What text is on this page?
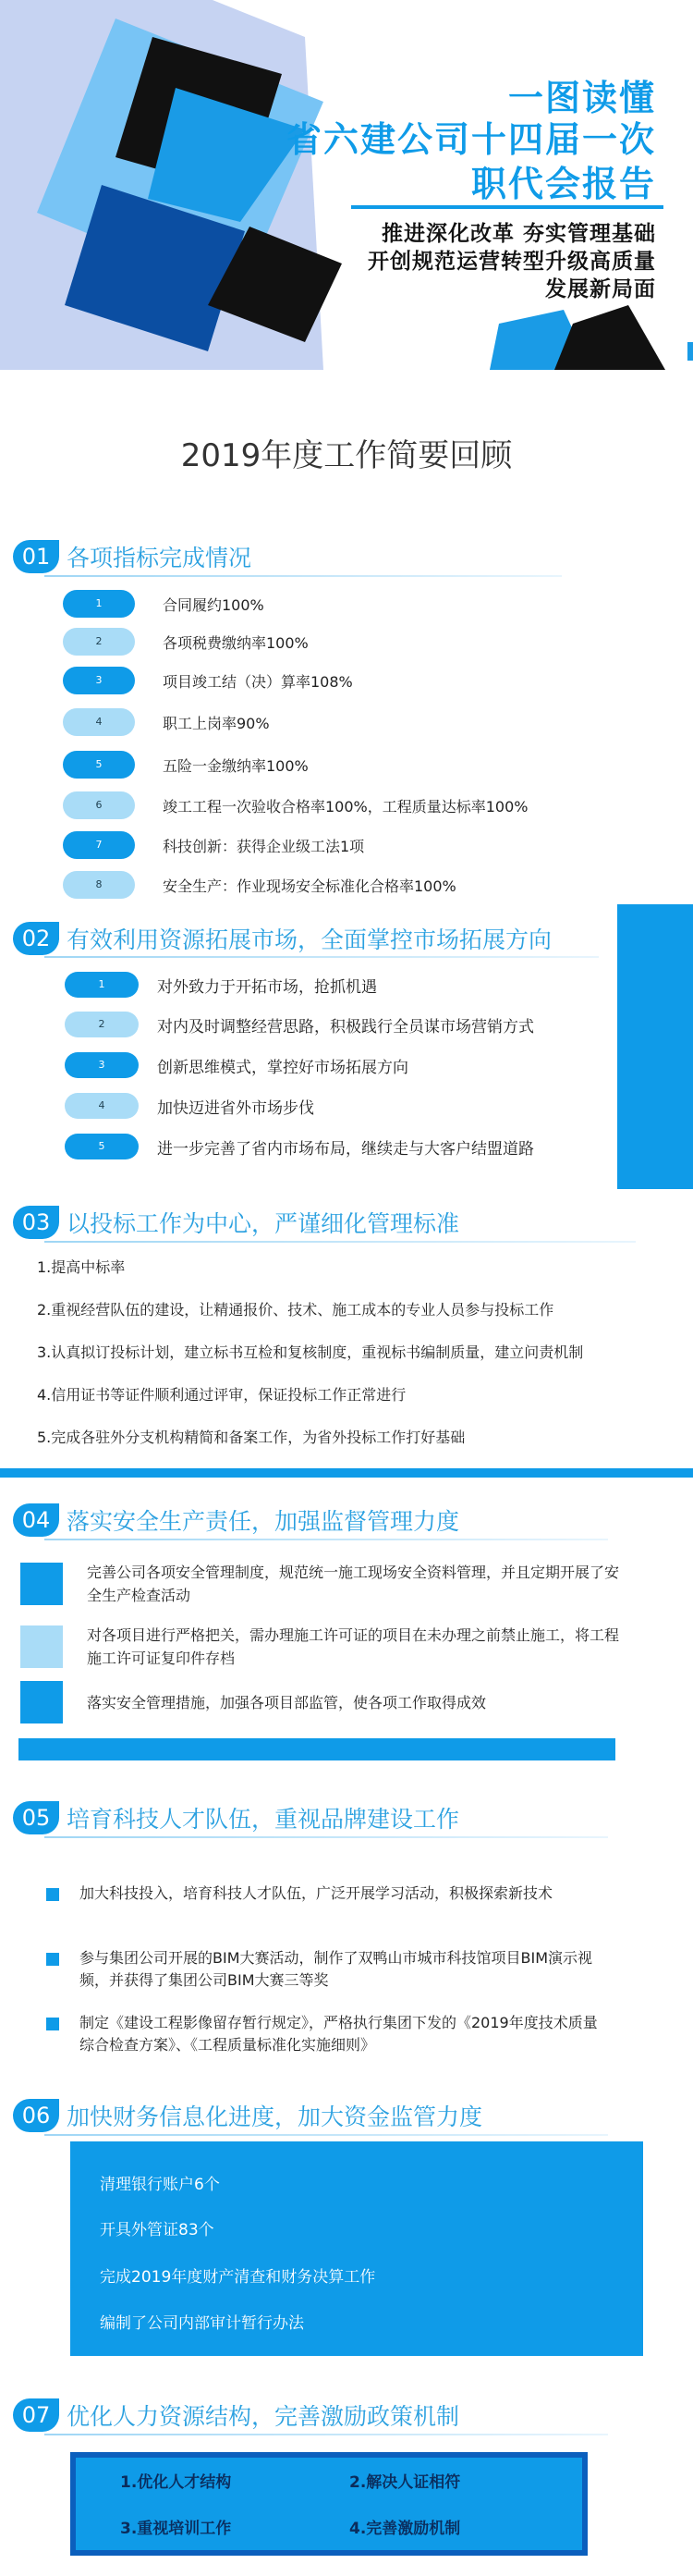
一图读懂
省六建公司十四届一次
职代会报告
推进深化改革 夯实管理基础
开创规范运营转型升级高质量
发展新局面
2019年度工作简要回顾
01 各项指标完成情况
1	合同履约100%
2	各项税费缴纳率100%
3	项目竣工结（决）算率108%
4	职工上岗率90%
5	五险一金缴纳率100%
6	竣工工程一次验收合格率100%，工程质量达标率100%
7	科技创新：获得企业级工法1项
8	安全生产：作业现场安全标准化合格率100%
02 有效利用资源拓展市场，全面掌控市场拓展方向
1	对外致力于开拓市场，抢抓机遇
2	对内及时调整经营思路，积极践行全员谋市场营销方式
3	创新思维模式，掌控好市场拓展方向
4	加快迈进省外市场步伐
5	进一步完善了省内市场布局，继续走与大客户结盟道路
03 以投标工作为中心，严谨细化管理标准
1.提高中标率
2.重视经营队伍的建设，让精通报价、技术、施工成本的专业人员参与投标工作
3.认真拟订投标计划，建立标书互检和复核制度，重视标书编制质量，建立问责机制
4.信用证书等证件顺利通过评审，保证投标工作正常进行
5.完成各驻外分支机构精简和备案工作，为省外投标工作打好基础
04 落实安全生产责任，加强监督管理力度
完善公司各项安全管理制度，规范统一施工现场安全资料管理，并且定期开展了安全生产检查活动
对各项目进行严格把关，需办理施工许可证的项目在未办理之前禁止施工，将工程施工许可证复印件存档
落实安全管理措施，加强各项目部监管，使各项工作取得成效
05 培育科技人才队伍，重视品牌建设工作
加大科技投入，培育科技人才队伍，广泛开展学习活动，积极探索新技术
参与集团公司开展的BIM大赛活动，制作了双鸭山市城市科技馆项目BIM演示视频，并获得了集团公司BIM大赛三等奖
制定《建设工程影像留存暂行规定》，严格执行集团下发的《2019年度技术质量综合检查方案》、《工程质量标准化实施细则》
06 加快财务信息化进度，加大资金监管力度
清理银行账户6个
开具外管证83个
完成2019年度财产清查和财务决算工作
编制了公司内部审计暂行办法
07 优化人力资源结构，完善激励政策机制
1.优化人才结构	2.解决人证相符
3.重视培训工作	4.完善激励机制
